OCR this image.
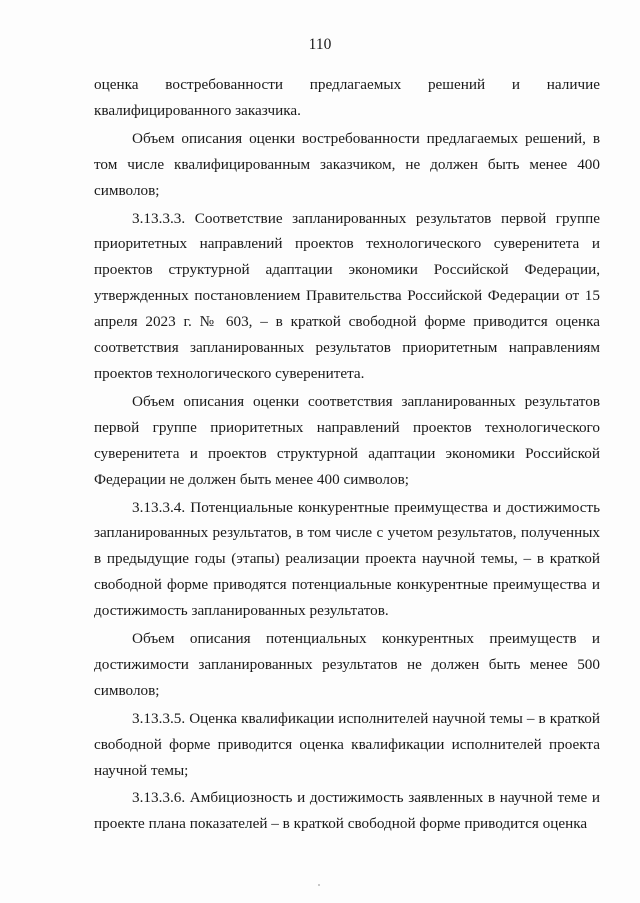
110

оценка востребованности предлагаемых решений и наличие квалифицированного заказчика.

Объем описания оценки востребованности предлагаемых решений, в том числе квалифицированным заказчиком, не должен быть менее 400 символов;

3.13.3.3. Соответствие запланированных результатов первой группе приоритетных направлений проектов технологического суверенитета и проектов структурной адаптации экономики Российской Федерации, утвержденных постановлением Правительства Российской Федерации от 15 апреля 2023 г. № 603, – в краткой свободной форме приводится оценка соответствия запланированных результатов приоритетным направлениям проектов технологического суверенитета.

Объем описания оценки соответствия запланированных результатов первой группе приоритетных направлений проектов технологического суверенитета и проектов структурной адаптации экономики Российской Федерации не должен быть менее 400 символов;

3.13.3.4. Потенциальные конкурентные преимущества и достижимость запланированных результатов, в том числе с учетом результатов, полученных в предыдущие годы (этапы) реализации проекта научной темы, – в краткой свободной форме приводятся потенциальные конкурентные преимущества и достижимость запланированных результатов.

Объем описания потенциальных конкурентных преимуществ и достижимости запланированных результатов не должен быть менее 500 символов;

3.13.3.5. Оценка квалификации исполнителей научной темы – в краткой свободной форме приводится оценка квалификации исполнителей проекта научной темы;

3.13.3.6. Амбициозность и достижимость заявленных в научной теме и проекте плана показателей – в краткой свободной форме приводится оценка
